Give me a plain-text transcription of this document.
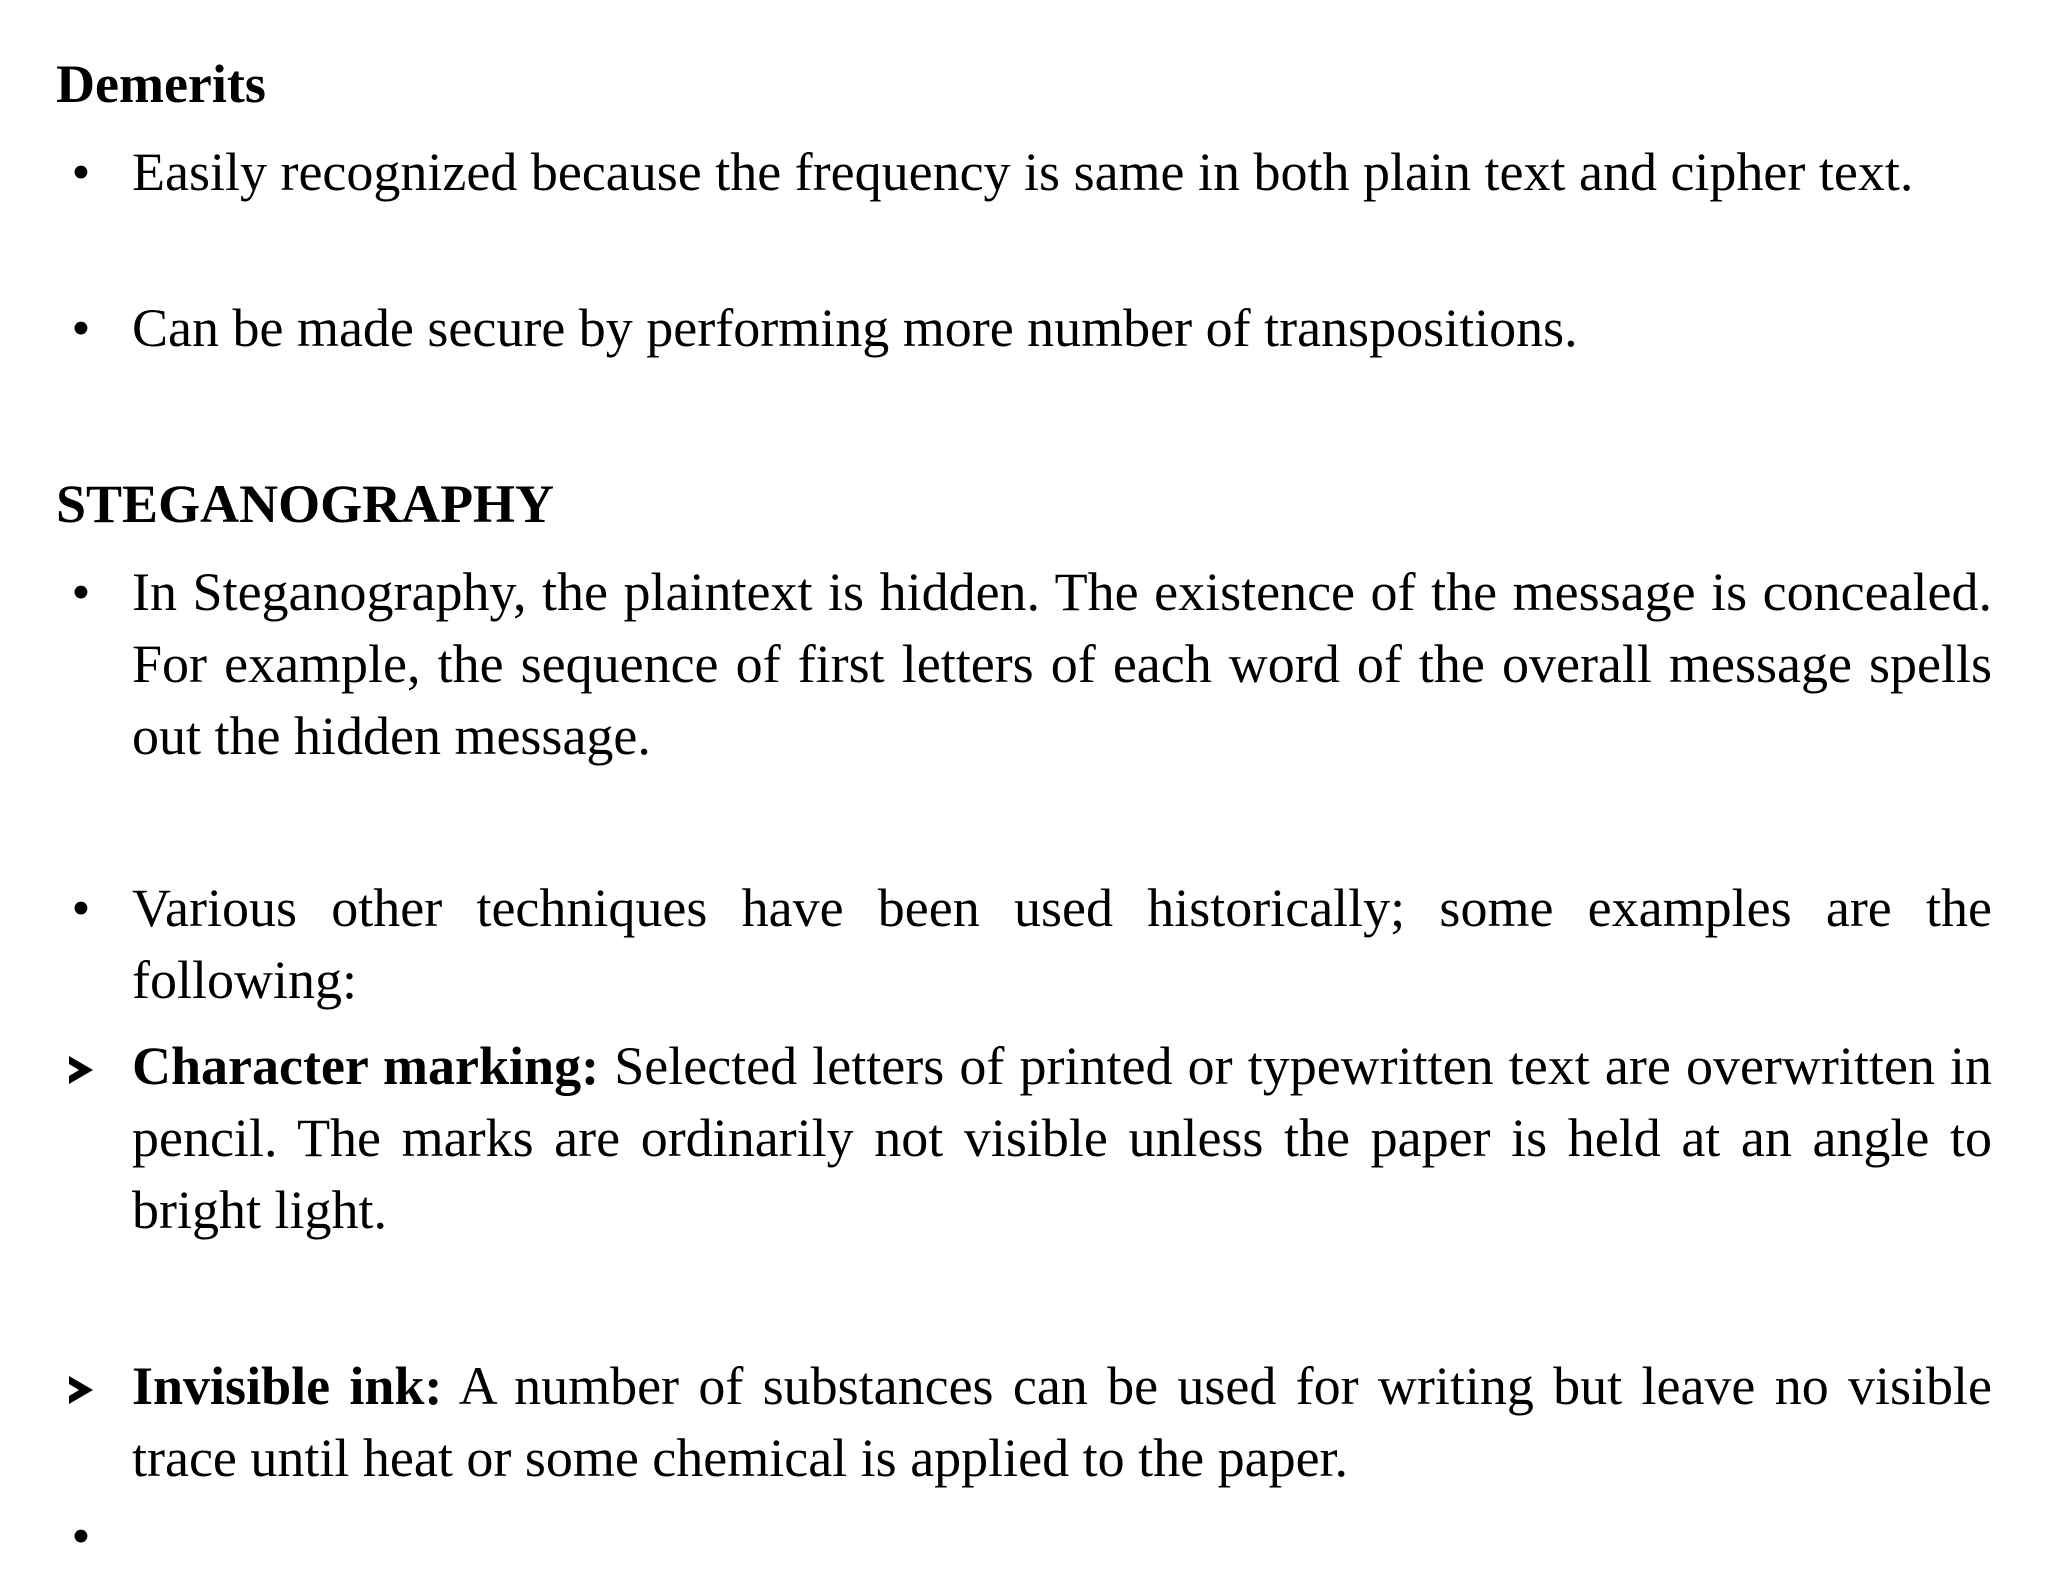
Demerits
• Easily recognized because the frequency is same in both plain text and cipher text.
• Can be made secure by performing more number of transpositions.
STEGANOGRAPHY
• In Steganography, the plaintext is hidden. The existence of the message is concealed. For example, the sequence of first letters of each word of the overall message spells out the hidden message.
• Various other techniques have been used historically; some examples are the following:
Character marking: Selected letters of printed or typewritten text are overwritten in pencil. The marks are ordinarily not visible unless the paper is held at an angle to bright light.
Invisible ink: A number of substances can be used for writing but leave no visible trace until heat or some chemical is applied to the paper.
•
